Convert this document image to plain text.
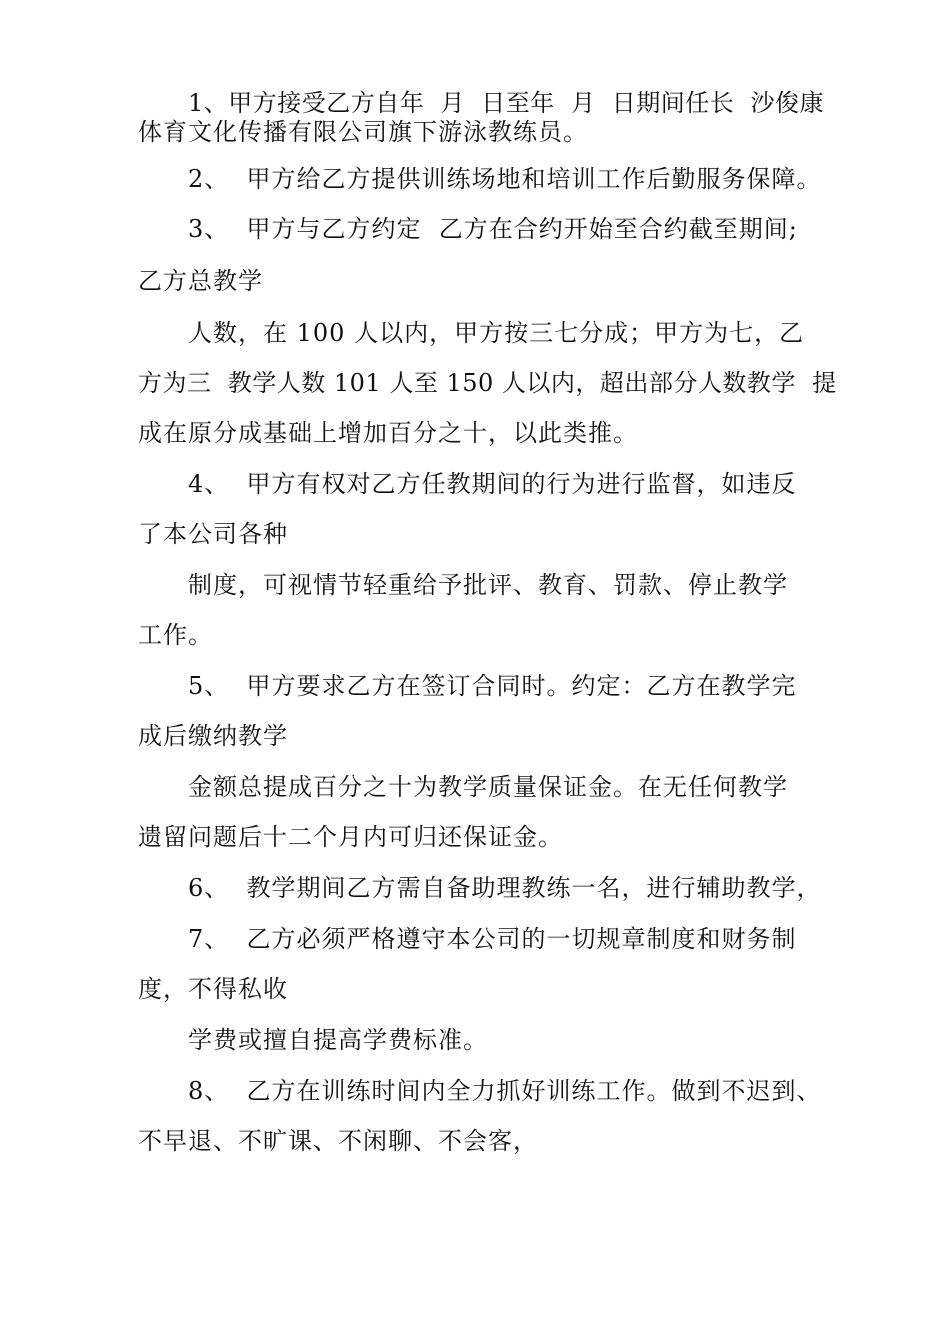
1、甲方接受乙方自年  月  日至年  月  日期间任长  沙俊康
体育文化传播有限公司旗下游泳教练员。
2、  甲方给乙方提供训练场地和培训工作后勤服务保障。
3、  甲方与乙方约定  乙方在合约开始至合约截至期间;
乙方总教学
人数，在 100 人以内，甲方按三七分成；甲方为七，乙
方为三  教学人数 101 人至 150 人以内，超出部分人数教学  提
成在原分成基础上增加百分之十，以此类推。
4、  甲方有权对乙方任教期间的行为进行监督，如违反
了本公司各种
制度，可视情节轻重给予批评、教育、罚款、停止教学
工作。
5、  甲方要求乙方在签订合同时。约定：乙方在教学完
成后缴纳教学
金额总提成百分之十为教学质量保证金。在无任何教学
遗留问题后十二个月内可归还保证金。
6、  教学期间乙方需自备助理教练一名，进行辅助教学，
7、  乙方必须严格遵守本公司的一切规章制度和财务制
度，不得私收
学费或擅自提高学费标准。
8、  乙方在训练时间内全力抓好训练工作。做到不迟到、
不早退、不旷课、不闲聊、不会客，
